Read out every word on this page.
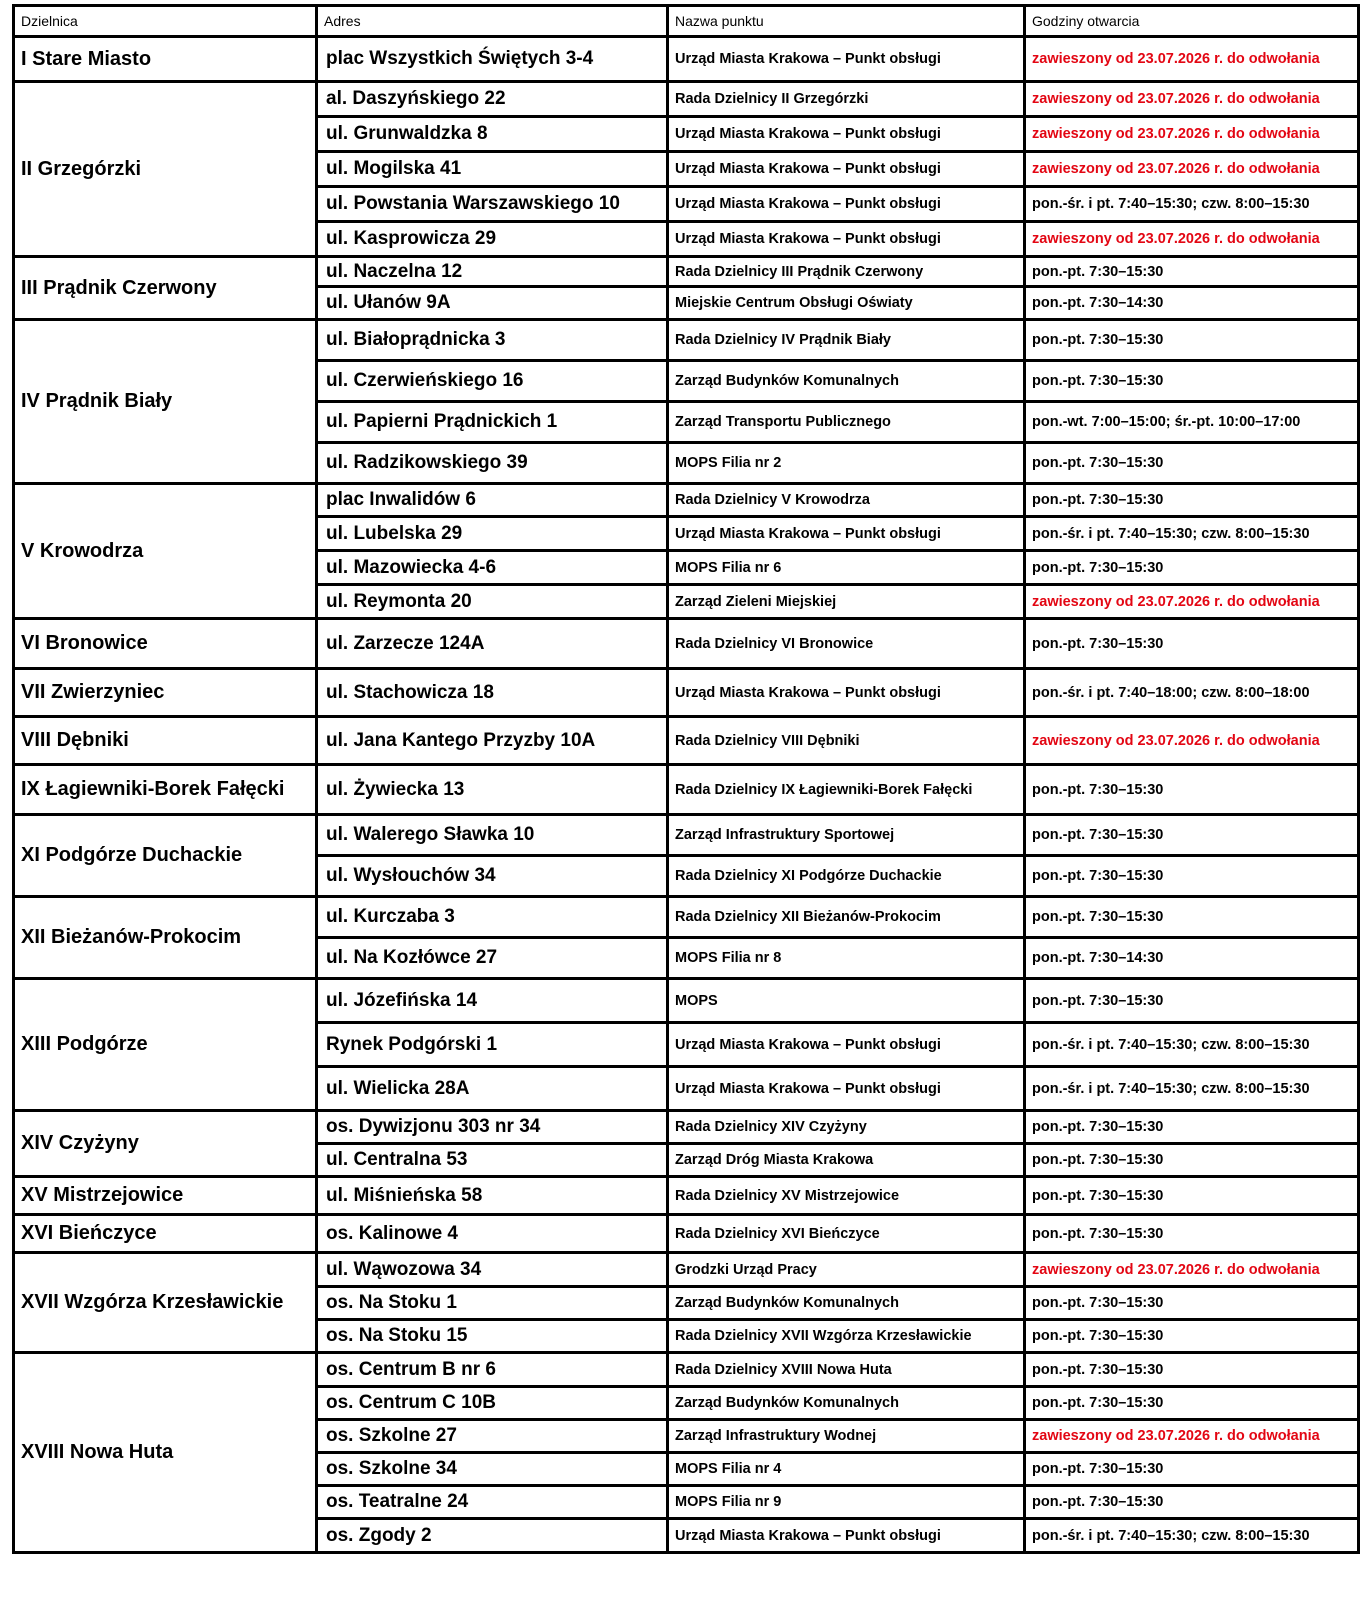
Dzielnica	Adres	Nazwa punktu	Godziny otwarcia
I Stare Miasto	plac Wszystkich Świętych 3-4	Urząd Miasta Krakowa – Punkt obsługi	zawieszony od 23.07.2026 r. do odwołania
II Grzegórzki	al. Daszyńskiego 22	Rada Dzielnicy II Grzegórzki	zawieszony od 23.07.2026 r. do odwołania
	ul. Grunwaldzka 8	Urząd Miasta Krakowa – Punkt obsługi	zawieszony od 23.07.2026 r. do odwołania
	ul. Mogilska 41	Urząd Miasta Krakowa – Punkt obsługi	zawieszony od 23.07.2026 r. do odwołania
	ul. Powstania Warszawskiego 10	Urząd Miasta Krakowa – Punkt obsługi	pon.-śr. i pt. 7:40–15:30; czw. 8:00–15:30
	ul. Kasprowicza 29	Urząd Miasta Krakowa – Punkt obsługi	zawieszony od 23.07.2026 r. do odwołania
III Prądnik Czerwony	ul. Naczelna 12	Rada Dzielnicy III Prądnik Czerwony	pon.-pt. 7:30–15:30
	ul. Ułanów 9A	Miejskie Centrum Obsługi Oświaty	pon.-pt. 7:30–14:30
IV Prądnik Biały	ul. Białoprądnicka 3	Rada Dzielnicy IV Prądnik Biały	pon.-pt. 7:30–15:30
	ul. Czerwieńskiego 16	Zarząd Budynków Komunalnych	pon.-pt. 7:30–15:30
	ul. Papierni Prądnickich 1	Zarząd Transportu Publicznego	pon.-wt. 7:00–15:00; śr.-pt. 10:00–17:00
	ul. Radzikowskiego 39	MOPS Filia nr 2	pon.-pt. 7:30–15:30
V Krowodrza	plac Inwalidów 6	Rada Dzielnicy V Krowodrza	pon.-pt. 7:30–15:30
	ul. Lubelska 29	Urząd Miasta Krakowa – Punkt obsługi	pon.-śr. i pt. 7:40–15:30; czw. 8:00–15:30
	ul. Mazowiecka 4-6	MOPS Filia nr 6	pon.-pt. 7:30–15:30
	ul. Reymonta 20	Zarząd Zieleni Miejskiej	zawieszony od 23.07.2026 r. do odwołania
VI Bronowice	ul. Zarzecze 124A	Rada Dzielnicy VI Bronowice	pon.-pt. 7:30–15:30
VII Zwierzyniec	ul. Stachowicza 18	Urząd Miasta Krakowa – Punkt obsługi	pon.-śr. i pt. 7:40–18:00; czw. 8:00–18:00
VIII Dębniki	ul. Jana Kantego Przyzby 10A	Rada Dzielnicy VIII Dębniki	zawieszony od 23.07.2026 r. do odwołania
IX Łagiewniki-Borek Fałęcki	ul. Żywiecka 13	Rada Dzielnicy IX Łagiewniki-Borek Fałęcki	pon.-pt. 7:30–15:30
XI Podgórze Duchackie	ul. Walerego Sławka 10	Zarząd Infrastruktury Sportowej	pon.-pt. 7:30–15:30
	ul. Wysłouchów 34	Rada Dzielnicy XI Podgórze Duchackie	pon.-pt. 7:30–15:30
XII Bieżanów-Prokocim	ul. Kurczaba 3	Rada Dzielnicy XII Bieżanów-Prokocim	pon.-pt. 7:30–15:30
	ul. Na Kozłówce 27	MOPS Filia nr 8	pon.-pt. 7:30–14:30
XIII Podgórze	ul. Józefińska 14	MOPS	pon.-pt. 7:30–15:30
	Rynek Podgórski 1	Urząd Miasta Krakowa – Punkt obsługi	pon.-śr. i pt. 7:40–15:30; czw. 8:00–15:30
	ul. Wielicka 28A	Urząd Miasta Krakowa – Punkt obsługi	pon.-śr. i pt. 7:40–15:30; czw. 8:00–15:30
XIV Czyżyny	os. Dywizjonu 303 nr 34	Rada Dzielnicy XIV Czyżyny	pon.-pt. 7:30–15:30
	ul. Centralna 53	Zarząd Dróg Miasta Krakowa	pon.-pt. 7:30–15:30
XV Mistrzejowice	ul. Miśnieńska 58	Rada Dzielnicy XV Mistrzejowice	pon.-pt. 7:30–15:30
XVI Bieńczyce	os. Kalinowe 4	Rada Dzielnicy XVI Bieńczyce	pon.-pt. 7:30–15:30
XVII Wzgórza Krzesławickie	ul. Wąwozowa 34	Grodzki Urząd Pracy	zawieszony od 23.07.2026 r. do odwołania
	os. Na Stoku 1	Zarząd Budynków Komunalnych	pon.-pt. 7:30–15:30
	os. Na Stoku 15	Rada Dzielnicy XVII Wzgórza Krzesławickie	pon.-pt. 7:30–15:30
XVIII Nowa Huta	os. Centrum B nr 6	Rada Dzielnicy XVIII Nowa Huta	pon.-pt. 7:30–15:30
	os. Centrum C 10B	Zarząd Budynków Komunalnych	pon.-pt. 7:30–15:30
	os. Szkolne 27	Zarząd Infrastruktury Wodnej	zawieszony od 23.07.2026 r. do odwołania
	os. Szkolne 34	MOPS Filia nr 4	pon.-pt. 7:30–15:30
	os. Teatralne 24	MOPS Filia nr 9	pon.-pt. 7:30–15:30
	os. Zgody 2	Urząd Miasta Krakowa – Punkt obsługi	pon.-śr. i pt. 7:40–15:30; czw. 8:00–15:30
